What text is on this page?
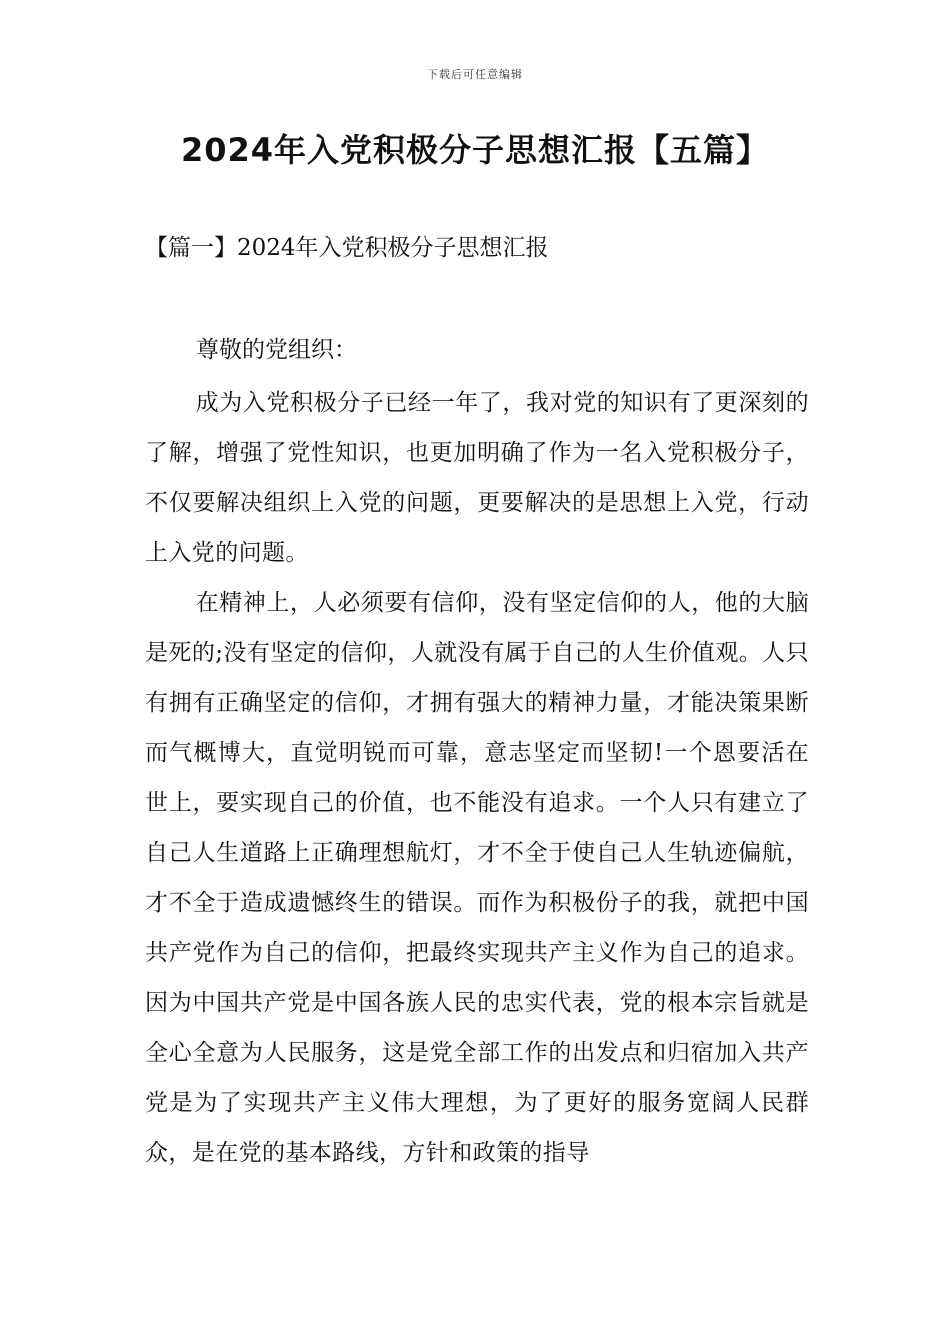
下载后可任意编辑
2024年入党积极分子思想汇报【五篇】
【篇一】2024年入党积极分子思想汇报
尊敬的党组织：

成为入党积极分子已经一年了，我对党的知识有了更深刻的了解，增强了党性知识，也更加明确了作为一名入党积极分子，不仅要解决组织上入党的问题，更要解决的是思想上入党，行动上入党的问题。

在精神上，人必须要有信仰，没有坚定信仰的人，他的大脑是死的;没有坚定的信仰，人就没有属于自己的人生价值观。人只有拥有正确坚定的信仰，才拥有强大的精神力量，才能决策果断而气概博大，直觉明锐而可靠，意志坚定而坚韧!一个恩要活在世上，要实现自己的价值，也不能没有追求。一个人只有建立了自己人生道路上正确理想航灯，才不全于使自己人生轨迹偏航，才不全于造成遗憾终生的错误。而作为积极份子的我，就把中国共产党作为自己的信仰，把最终实现共产主义作为自己的追求。因为中国共产党是中国各族人民的忠实代表，党的根本宗旨就是全心全意为人民服务，这是党全部工作的出发点和归宿加入共产党是为了实现共产主义伟大理想，为了更好的服务宽阔人民群众，是在党的基本路线，方针和政策的指导
